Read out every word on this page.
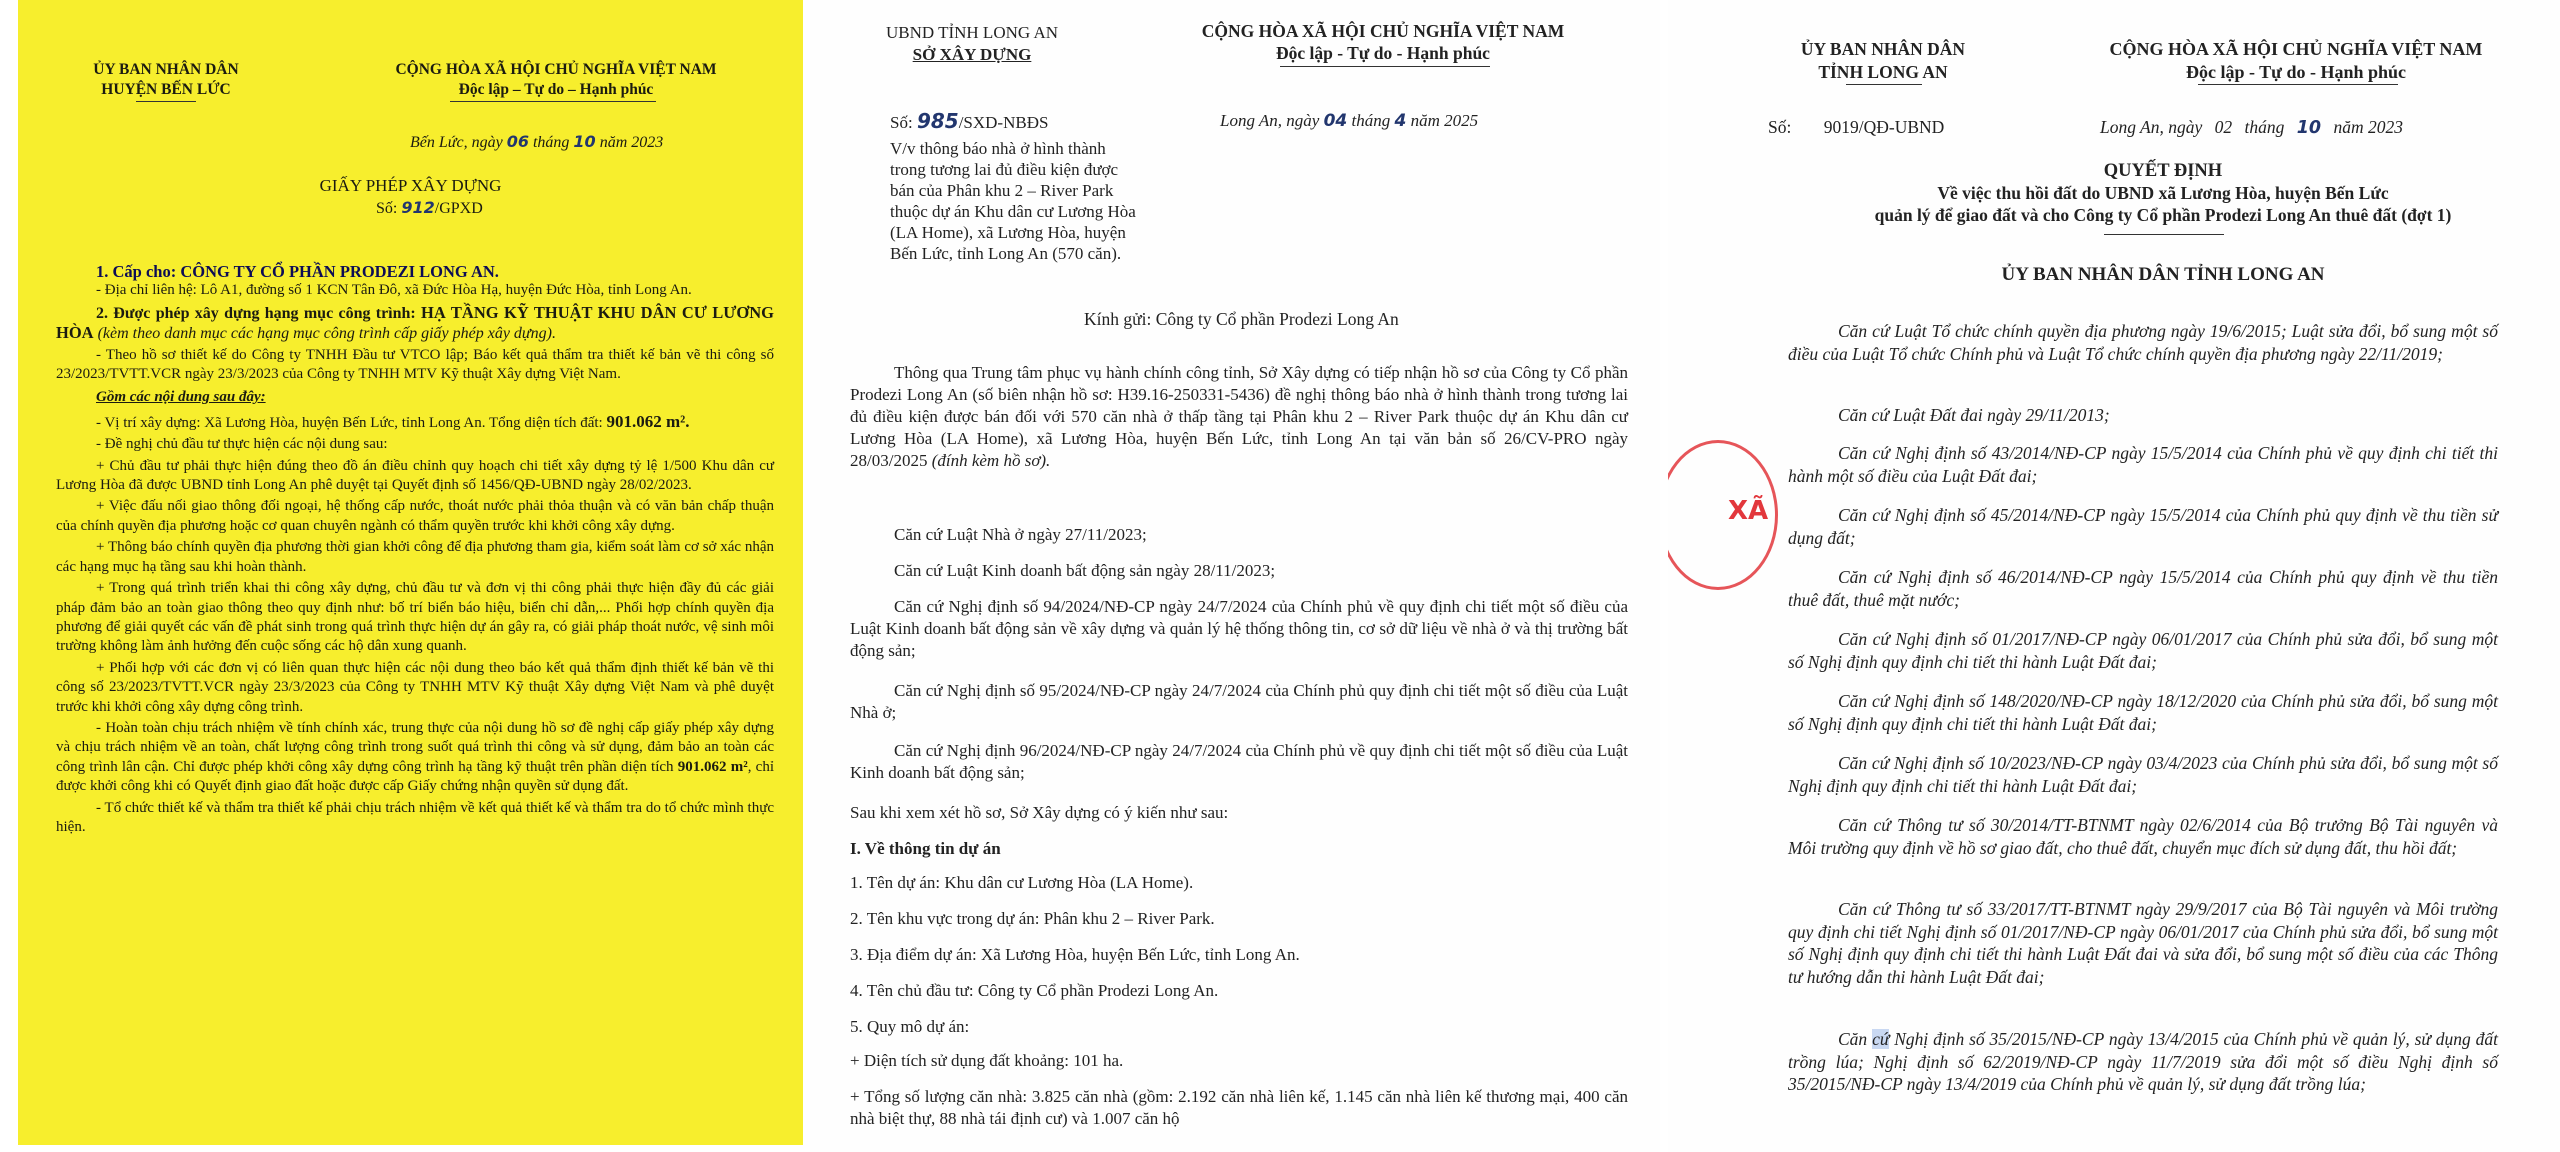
ỦY BAN NHÂN DÂN
HUYỆN BẾN LỨC
CỘNG HÒA XÃ HỘI CHỦ NGHĨA VIỆT NAM
Độc lập – Tự do – Hạnh phúc
Bến Lức, ngày 06 tháng 10 năm 2023
GIẤY PHÉP XÂY DỰNG
Số: 912/GPXD
1. Cấp cho: CÔNG TY CỔ PHẦN PRODEZI LONG AN.
- Địa chỉ liên hệ: Lô A1, đường số 1 KCN Tân Đô, xã Đức Hòa Hạ, huyện Đức Hòa, tỉnh Long An.
2. Được phép xây dựng hạng mục công trình: HẠ TẦNG KỸ THUẬT KHU DÂN CƯ LƯƠNG HÒA (kèm theo danh mục các hạng mục công trình cấp giấy phép xây dựng).
- Theo hồ sơ thiết kế do Công ty TNHH Đầu tư VTCO lập; Báo kết quả thẩm tra thiết kế bản vẽ thi công số 23/2023/TVTT.VCR ngày 23/3/2023 của Công ty TNHH MTV Kỹ thuật Xây dựng Việt Nam.
Gồm các nội dung sau đây:
- Vị trí xây dựng: Xã Lương Hòa, huyện Bến Lức, tỉnh Long An. Tổng diện tích đất: 901.062 m².
- Đề nghị chủ đầu tư thực hiện các nội dung sau:
+ Chủ đầu tư phải thực hiện đúng theo đồ án điều chỉnh quy hoạch chi tiết xây dựng tỷ lệ 1/500 Khu dân cư Lương Hòa đã được UBND tỉnh Long An phê duyệt tại Quyết định số 1456/QĐ-UBND ngày 28/02/2023.
+ Việc đấu nối giao thông đối ngoại, hệ thống cấp nước, thoát nước phải thỏa thuận và có văn bản chấp thuận của chính quyền địa phương hoặc cơ quan chuyên ngành có thẩm quyền trước khi khởi công xây dựng.
+ Thông báo chính quyền địa phương thời gian khởi công để địa phương tham gia, kiểm soát làm cơ sở xác nhận các hạng mục hạ tầng sau khi hoàn thành.
+ Trong quá trình triển khai thi công xây dựng, chủ đầu tư và đơn vị thi công phải thực hiện đầy đủ các giải pháp đảm bảo an toàn giao thông theo quy định như: bố trí biển báo hiệu, biển chỉ dẫn,... Phối hợp chính quyền địa phương để giải quyết các vấn đề phát sinh trong quá trình thực hiện dự án gây ra, có giải pháp thoát nước, vệ sinh môi trường không làm ảnh hưởng đến cuộc sống các hộ dân xung quanh.
+ Phối hợp với các đơn vị có liên quan thực hiện các nội dung theo báo kết quả thẩm định thiết kế bản vẽ thi công số 23/2023/TVTT.VCR ngày 23/3/2023 của Công ty TNHH MTV Kỹ thuật Xây dựng Việt Nam và phê duyệt trước khi khởi công xây dựng công trình.
- Hoàn toàn chịu trách nhiệm về tính chính xác, trung thực của nội dung hồ sơ đề nghị cấp giấy phép xây dựng và chịu trách nhiệm về an toàn, chất lượng công trình trong suốt quá trình thi công và sử dụng, đảm bảo an toàn các công trình lân cận. Chỉ được phép khởi công xây dựng công trình hạ tầng kỹ thuật trên phần diện tích 901.062 m², chỉ được khởi công khi có Quyết định giao đất hoặc được cấp Giấy chứng nhận quyền sử dụng đất.
- Tổ chức thiết kế và thẩm tra thiết kế phải chịu trách nhiệm về kết quả thiết kế và thẩm tra do tổ chức mình thực hiện.
UBND TỈNH LONG AN
SỞ XÂY DỰNG
CỘNG HÒA XÃ HỘI CHỦ NGHĨA VIỆT NAM
Độc lập - Tự do - Hạnh phúc
Số: 985/SXD-NBĐS	Long An, ngày 04 tháng 4 năm 2025
V/v thông báo nhà ở hình thành
trong tương lai đủ điều kiện được
bán của Phân khu 2 – River Park
thuộc dự án Khu dân cư Lương Hòa
(LA Home), xã Lương Hòa, huyện
Bến Lức, tỉnh Long An (570 căn).
Kính gửi: Công ty Cổ phần Prodezi Long An
Thông qua Trung tâm phục vụ hành chính công tỉnh, Sở Xây dựng có tiếp nhận hồ sơ của Công ty Cổ phần Prodezi Long An (số biên nhận hồ sơ: H39.16-250331-5436) đề nghị thông báo nhà ở hình thành trong tương lai đủ điều kiện được bán đối với 570 căn nhà ở thấp tầng tại Phân khu 2 – River Park thuộc dự án Khu dân cư Lương Hòa (LA Home), xã Lương Hòa, huyện Bến Lức, tỉnh Long An tại văn bản số 26/CV-PRO ngày 28/03/2025 (đính kèm hồ sơ).
Căn cứ Luật Nhà ở ngày 27/11/2023;
Căn cứ Luật Kinh doanh bất động sản ngày 28/11/2023;
Căn cứ Nghị định số 94/2024/NĐ-CP ngày 24/7/2024 của Chính phủ về quy định chi tiết một số điều của Luật Kinh doanh bất động sản về xây dựng và quản lý hệ thống thông tin, cơ sở dữ liệu về nhà ở và thị trường bất động sản;
Căn cứ Nghị định số 95/2024/NĐ-CP ngày 24/7/2024 của Chính phủ quy định chi tiết một số điều của Luật Nhà ở;
Căn cứ Nghị định 96/2024/NĐ-CP ngày 24/7/2024 của Chính phủ về quy định chi tiết một số điều của Luật Kinh doanh bất động sản;
Sau khi xem xét hồ sơ, Sở Xây dựng có ý kiến như sau:
I. Về thông tin dự án
1. Tên dự án: Khu dân cư Lương Hòa (LA Home).
2. Tên khu vực trong dự án: Phân khu 2 – River Park.
3. Địa điểm dự án: Xã Lương Hòa, huyện Bến Lức, tỉnh Long An.
4. Tên chủ đầu tư: Công ty Cổ phần Prodezi Long An.
5. Quy mô dự án:
+ Diện tích sử dụng đất khoảng: 101 ha.
+ Tổng số lượng căn nhà: 3.825 căn nhà (gồm: 2.192 căn nhà liên kế, 1.145 căn nhà liên kế thương mại, 400 căn nhà biệt thự, 88 nhà tái định cư) và 1.007 căn hộ
XÃ
ỦY BAN NHÂN DÂN
TỈNH LONG AN
CỘNG HÒA XÃ HỘI CHỦ NGHĨA VIỆT NAM
Độc lập - Tự do - Hạnh phúc
Số: 9019/QĐ-UBND	Long An, ngày 02 tháng 10 năm 2023
QUYẾT ĐỊNH
Về việc thu hồi đất do UBND xã Lương Hòa, huyện Bến Lức
quản lý để giao đất và cho Công ty Cổ phần Prodezi Long An thuê đất (đợt 1)
ỦY BAN NHÂN DÂN TỈNH LONG AN
Căn cứ Luật Tổ chức chính quyền địa phương ngày 19/6/2015; Luật sửa đổi, bổ sung một số điều của Luật Tổ chức Chính phủ và Luật Tổ chức chính quyền địa phương ngày 22/11/2019;
Căn cứ Luật Đất đai ngày 29/11/2013;
Căn cứ Nghị định số 43/2014/NĐ-CP ngày 15/5/2014 của Chính phủ về quy định chi tiết thi hành một số điều của Luật Đất đai;
Căn cứ Nghị định số 45/2014/NĐ-CP ngày 15/5/2014 của Chính phủ quy định về thu tiền sử dụng đất;
Căn cứ Nghị định số 46/2014/NĐ-CP ngày 15/5/2014 của Chính phủ quy định về thu tiền thuê đất, thuê mặt nước;
Căn cứ Nghị định số 01/2017/NĐ-CP ngày 06/01/2017 của Chính phủ sửa đổi, bổ sung một số Nghị định quy định chi tiết thi hành Luật Đất đai;
Căn cứ Nghị định số 148/2020/NĐ-CP ngày 18/12/2020 của Chính phủ sửa đổi, bổ sung một số Nghị định quy định chi tiết thi hành Luật Đất đai;
Căn cứ Nghị định số 10/2023/NĐ-CP ngày 03/4/2023 của Chính phủ sửa đổi, bổ sung một số Nghị định quy định chi tiết thi hành Luật Đất đai;
Căn cứ Thông tư số 30/2014/TT-BTNMT ngày 02/6/2014 của Bộ trưởng Bộ Tài nguyên và Môi trường quy định về hồ sơ giao đất, cho thuê đất, chuyển mục đích sử dụng đất, thu hồi đất;
Căn cứ Thông tư số 33/2017/TT-BTNMT ngày 29/9/2017 của Bộ Tài nguyên và Môi trường quy định chi tiết Nghị định số 01/2017/NĐ-CP ngày 06/01/2017 của Chính phủ sửa đổi, bổ sung một số Nghị định quy định chi tiết thi hành Luật Đất đai và sửa đổi, bổ sung một số điều của các Thông tư hướng dẫn thi hành Luật Đất đai;
Căn cứ Nghị định số 35/2015/NĐ-CP ngày 13/4/2015 của Chính phủ về quản lý, sử dụng đất trồng lúa; Nghị định số 62/2019/NĐ-CP ngày 11/7/2019 sửa đổi một số điều Nghị định số 35/2015/NĐ-CP ngày 13/4/2019 của Chính phủ về quản lý, sử dụng đất trồng lúa;
